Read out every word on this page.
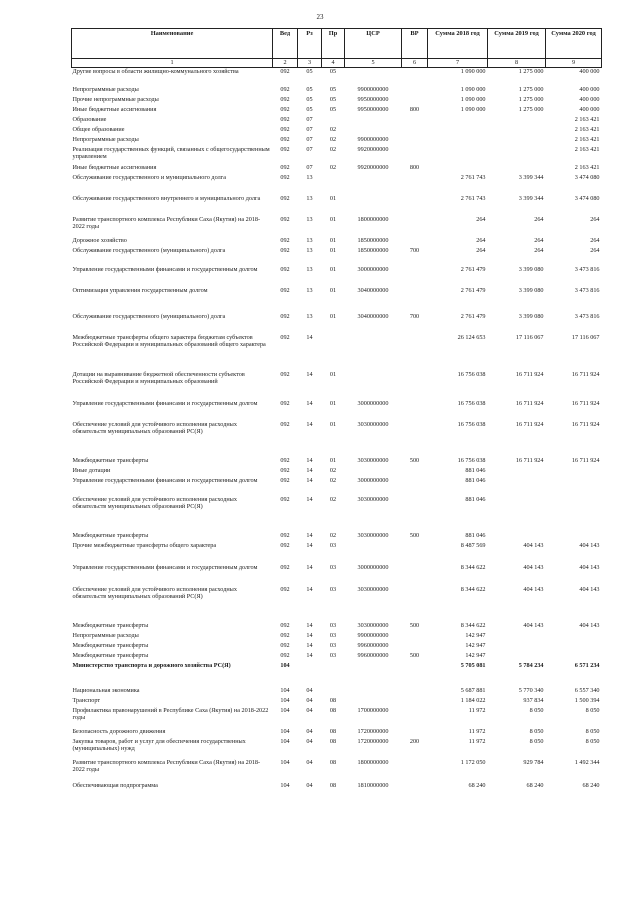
23
Наименование	Вед	Рз	Пр	ЦСР	ВР	Сумма 2018 год	Сумма 2019 год	Сумма 2020 год
1	2	3	4	5	6	7	8	9
Другие вопросы в области жилищно-коммунального хозяйства	092	05	05			1 090 000	1 275 000	400 000
Непрограммные расходы	092	05	05	9900000000		1 090 000	1 275 000	400 000
Прочие непрограммные расходы	092	05	05	9950000000		1 090 000	1 275 000	400 000
Иные бюджетные ассигнования	092	05	05	9950000000	800	1 090 000	1 275 000	400 000
Образование	092	07						2 163 421
Общее образование	092	07	02					2 163 421
Непрограммные расходы	092	07	02	9900000000				2 163 421
Реализация государственных функций, связанных с общегосударственным управлением	092	07	02	9920000000				2 163 421
Иные бюджетные ассигнования	092	07	02	9920000000	800			2 163 421
Обслуживание государственного и муниципального долга	092	13				2 761 743	3 399 344	3 474 080
Обслуживание государственного внутреннего и муниципального долга	092	13	01			2 761 743	3 399 344	3 474 080
Развитие транспортного комплекса Республики Саха (Якутия) на 2018-2022 годы	092	13	01	1800000000		264	264	264
Дорожное хозяйство	092	13	01	1850000000		264	264	264
Обслуживание государственного (муниципального) долга	092	13	01	1850000000	700	264	264	264
Управление государственными финансами и государственным долгом	092	13	01	3000000000		2 761 479	3 399 080	3 473 816
Оптимизация управления государственным долгом	092	13	01	3040000000		2 761 479	3 399 080	3 473 816
Обслуживание государственного (муниципального) долга	092	13	01	3040000000	700	2 761 479	3 399 080	3 473 816
Межбюджетные трансферты общего характера бюджетам субъектов Российской Федерации и муниципальных образований общего характера	092	14				26 124 653	17 116 067	17 116 067
Дотации на выравнивание бюджетной обеспеченности субъектов Российской Федерации и муниципальных образований	092	14	01			16 756 038	16 711 924	16 711 924
Управление государственными финансами и государственным долгом	092	14	01	3000000000		16 756 038	16 711 924	16 711 924
Обеспечение условий для устойчивого исполнения расходных обязательств муниципальных образований РС(Я)	092	14	01	3030000000		16 756 038	16 711 924	16 711 924
Межбюджетные трансферты	092	14	01	3030000000	500	16 756 038	16 711 924	16 711 924
Иные дотации	092	14	02			881 046		
Управление государственными финансами и государственным долгом	092	14	02	3000000000		881 046		
Обеспечение условий для устойчивого исполнения расходных обязательств муниципальных образований РС(Я)	092	14	02	3030000000		881 046		
Межбюджетные трансферты	092	14	02	3030000000	500	881 046		
Прочие межбюджетные трансферты общего характера	092	14	03			8 487 569	404 143	404 143
Управление государственными финансами и государственным долгом	092	14	03	3000000000		8 344 622	404 143	404 143
Обеспечение условий для устойчивого исполнения расходных обязательств муниципальных образований РС(Я)	092	14	03	3030000000		8 344 622	404 143	404 143
Межбюджетные трансферты	092	14	03	3030000000	500	8 344 622	404 143	404 143
Непрограммные расходы	092	14	03	9900000000		142 947		
Межбюджетные трансферты	092	14	03	9960000000		142 947		
Межбюджетные трансферты	092	14	03	9960000000	500	142 947		
Министерство транспорта и дорожного хозяйства РС(Я)	104					5 705 081	5 784 234	6 571 234
Национальная экономика	104	04				5 687 881	5 770 340	6 557 340
Транспорт	104	04	08			1 184 022	937 834	1 500 394
Профилактика правонарушений в Республике Саха (Якутия) на 2018-2022 годы	104	04	08	1700000000		11 972	8 050	8 050
Безопасность дорожного движения	104	04	08	1720000000		11 972	8 050	8 050
Закупка товаров, работ и услуг для обеспечения государственных (муниципальных) нужд	104	04	08	1720000000	200	11 972	8 050	8 050
Развитие транспортного комплекса Республики Саха (Якутия) на 2018-2022 годы	104	04	08	1800000000		1 172 050	929 784	1 492 344
Обеспечивающая подпрограмма	104	04	08	1810000000		68 240	68 240	68 240
